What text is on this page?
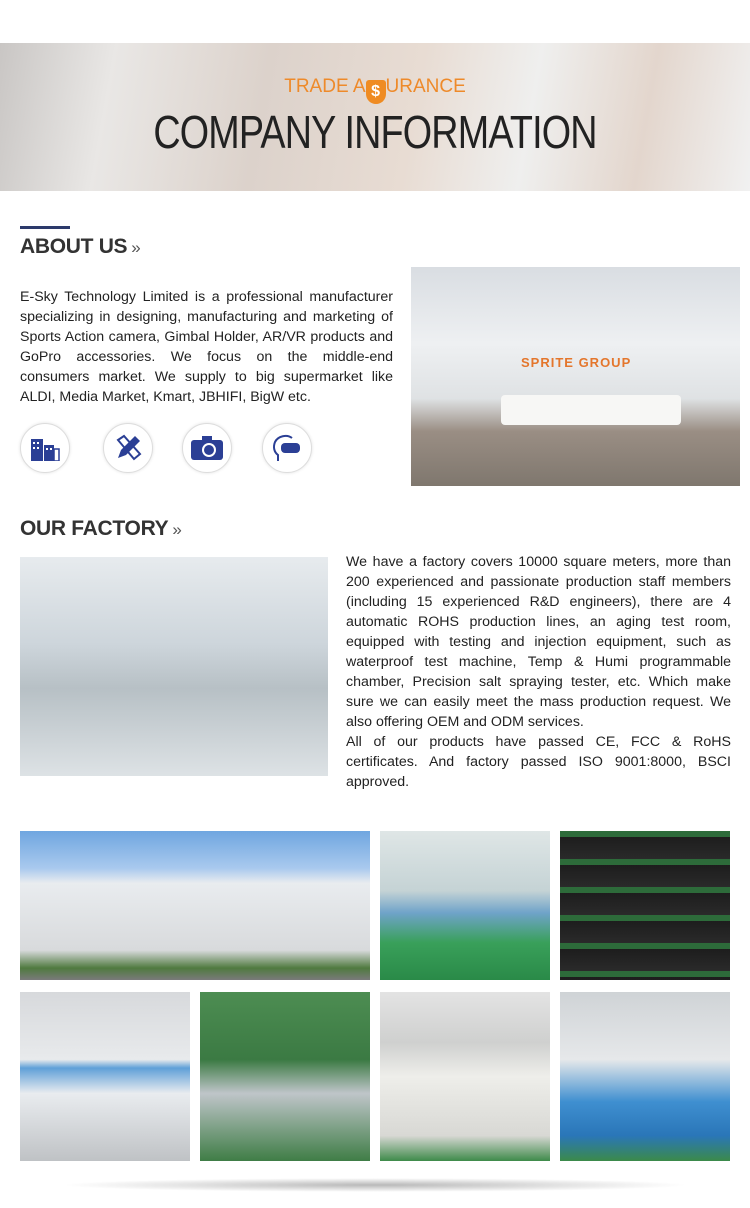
TRADE A $ URANCE
COMPANY INFORMATION
ABOUT US »
E-Sky Technology Limited is a professional manufacturer specializing in designing, manufacturing and marketing of Sports Action camera, Gimbal Holder, AR/VR products and GoPro accessories. We focus on the middle-end consumers market. We supply to big supermarket like ALDI, Media Market, Kmart, JBHIFI, BigW etc.
SPRITE GROUP
OUR FACTORY »
We have a factory covers 10000 square meters, more than 200 experienced and passionate production staff members (including 15 experienced R&D engineers), there are 4 automatic ROHS production lines, an aging test room, equipped with testing and injection equipment, such as waterproof test machine, Temp & Humi programmable chamber, Precision salt spraying tester, etc. Which make sure we can easily meet the mass production request. We also offering OEM and ODM services.
All of our products have passed CE, FCC & RoHS certificates. And factory passed ISO 9001:8000, BSCI approved.
